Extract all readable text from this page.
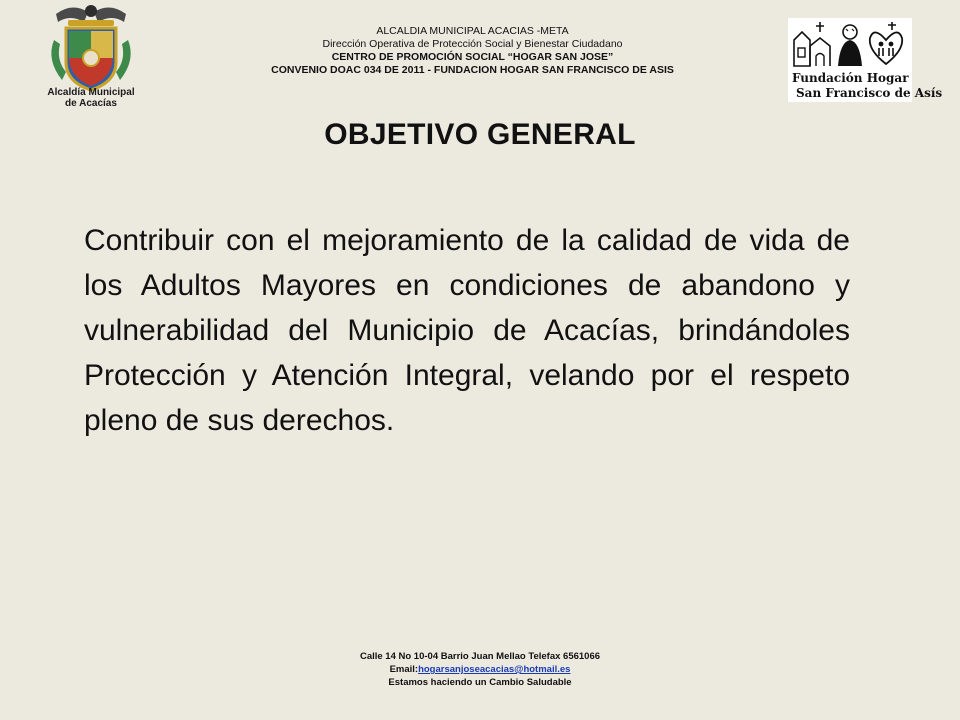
Alcaldía Municipal
de Acacías
ALCALDIA MUNICIPAL ACACIAS -META
Dirección Operativa de Protección Social y Bienestar Ciudadano
CENTRO DE PROMOCIÓN SOCIAL “HOGAR SAN JOSE”
CONVENIO DOAC 034 DE 2011 - FUNDACION HOGAR SAN FRANCISCO DE ASIS
Fundación Hogar
San Francisco de Asís
OBJETIVO GENERAL
Contribuir con el mejoramiento de la calidad de vida de los Adultos Mayores en condiciones de abandono y vulnerabilidad del Municipio de Acacías, brindándoles Protección y Atención Integral, velando por el respeto pleno de sus derechos.
Calle 14 No 10-04 Barrio Juan Mellao Telefax 6561066
Email:hogarsanjoseacacias@hotmail.es
Estamos haciendo un Cambio Saludable
